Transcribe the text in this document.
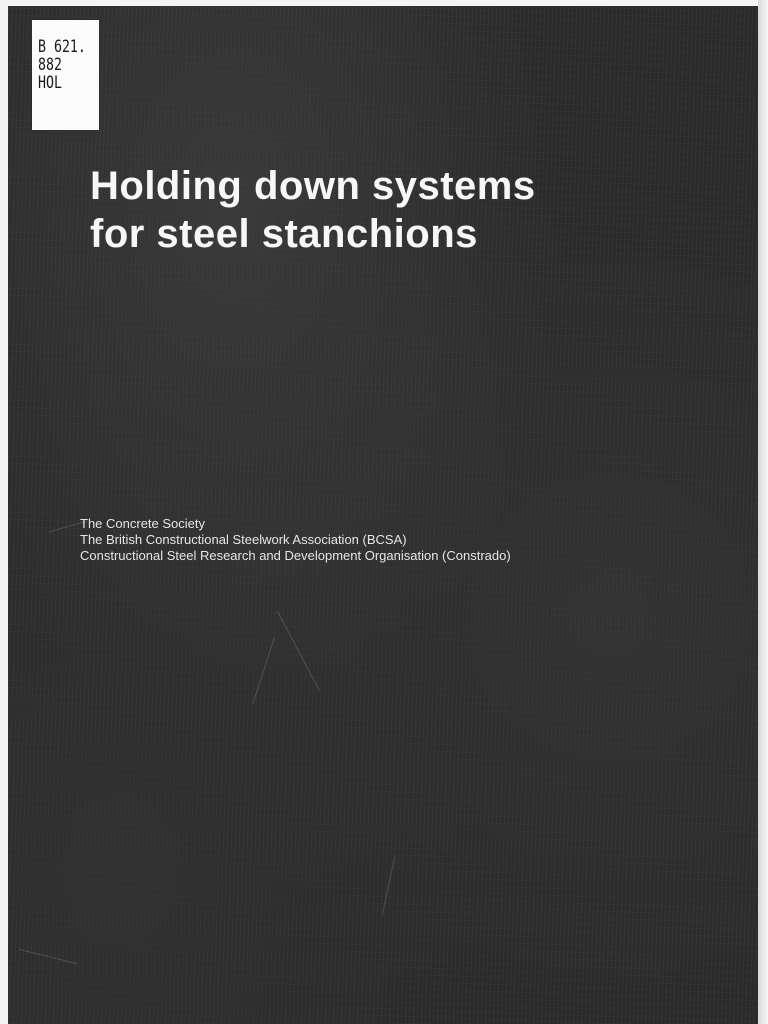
B 621.
882
HOL
Holding down systems
for steel stanchions
The Concrete Society
The British Constructional Steelwork Association (BCSA)
Constructional Steel Research and Development Organisation (Constrado)
